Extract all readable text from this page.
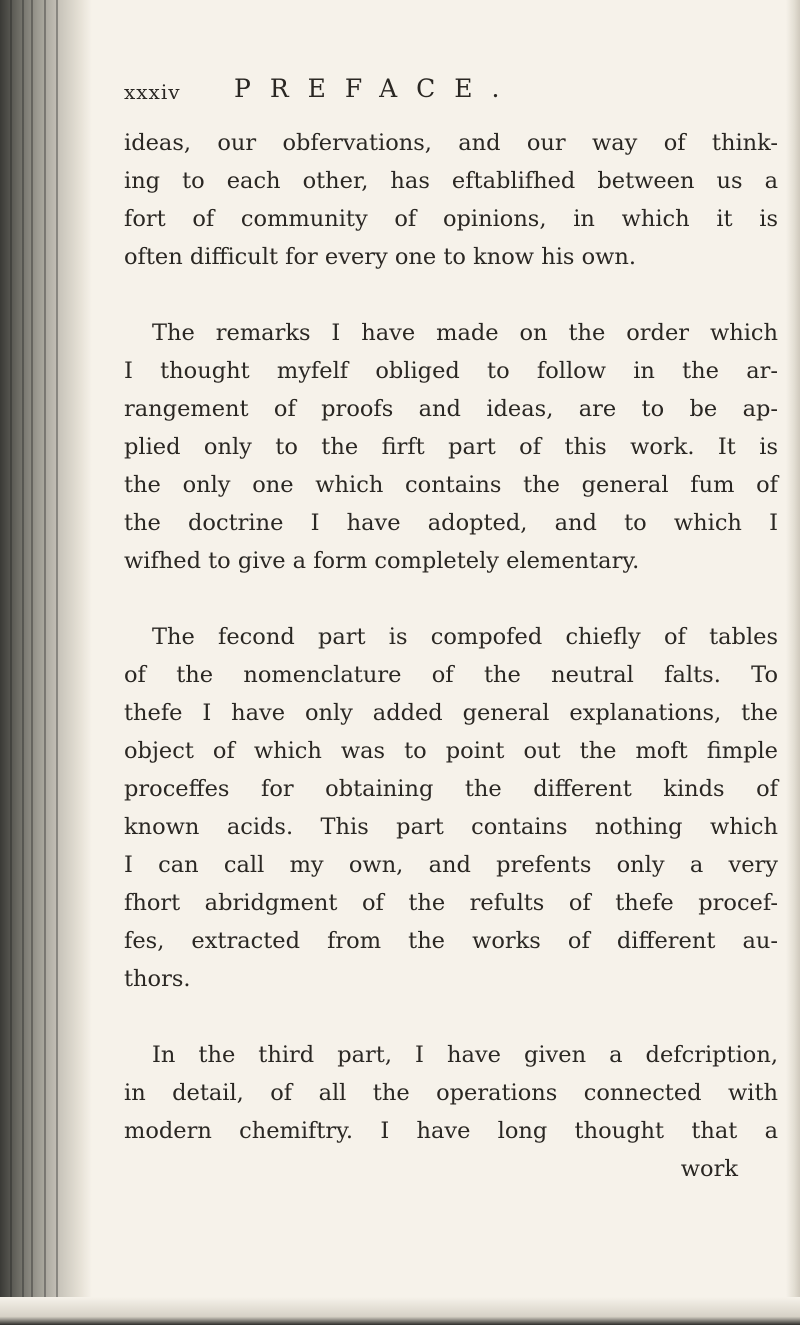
xxxiv PREFACE.
ideas, our obfervations, and our way of think-
ing to each other, has eftablifhed between us a
fort of community of opinions, in which it is
often difficult for every one to know his own.
The remarks I have made on the order which
I thought myfelf obliged to follow in the ar-
rangement of proofs and ideas, are to be ap-
plied only to the firft part of this work. It is
the only one which contains the general fum of
the doctrine I have adopted, and to which I
wifhed to give a form completely elementary.
The fecond part is compofed chiefly of tables
of the nomenclature of the neutral falts. To
thefe I have only added general explanations, the
object of which was to point out the moft fimple
proceffes for obtaining the different kinds of
known acids. This part contains nothing which
I can call my own, and prefents only a very
fhort abridgment of the refults of thefe procef-
fes, extracted from the works of different au-
thors.
In the third part, I have given a defcription,
in detail, of all the operations connected with
modern chemiftry. I have long thought that a
work
